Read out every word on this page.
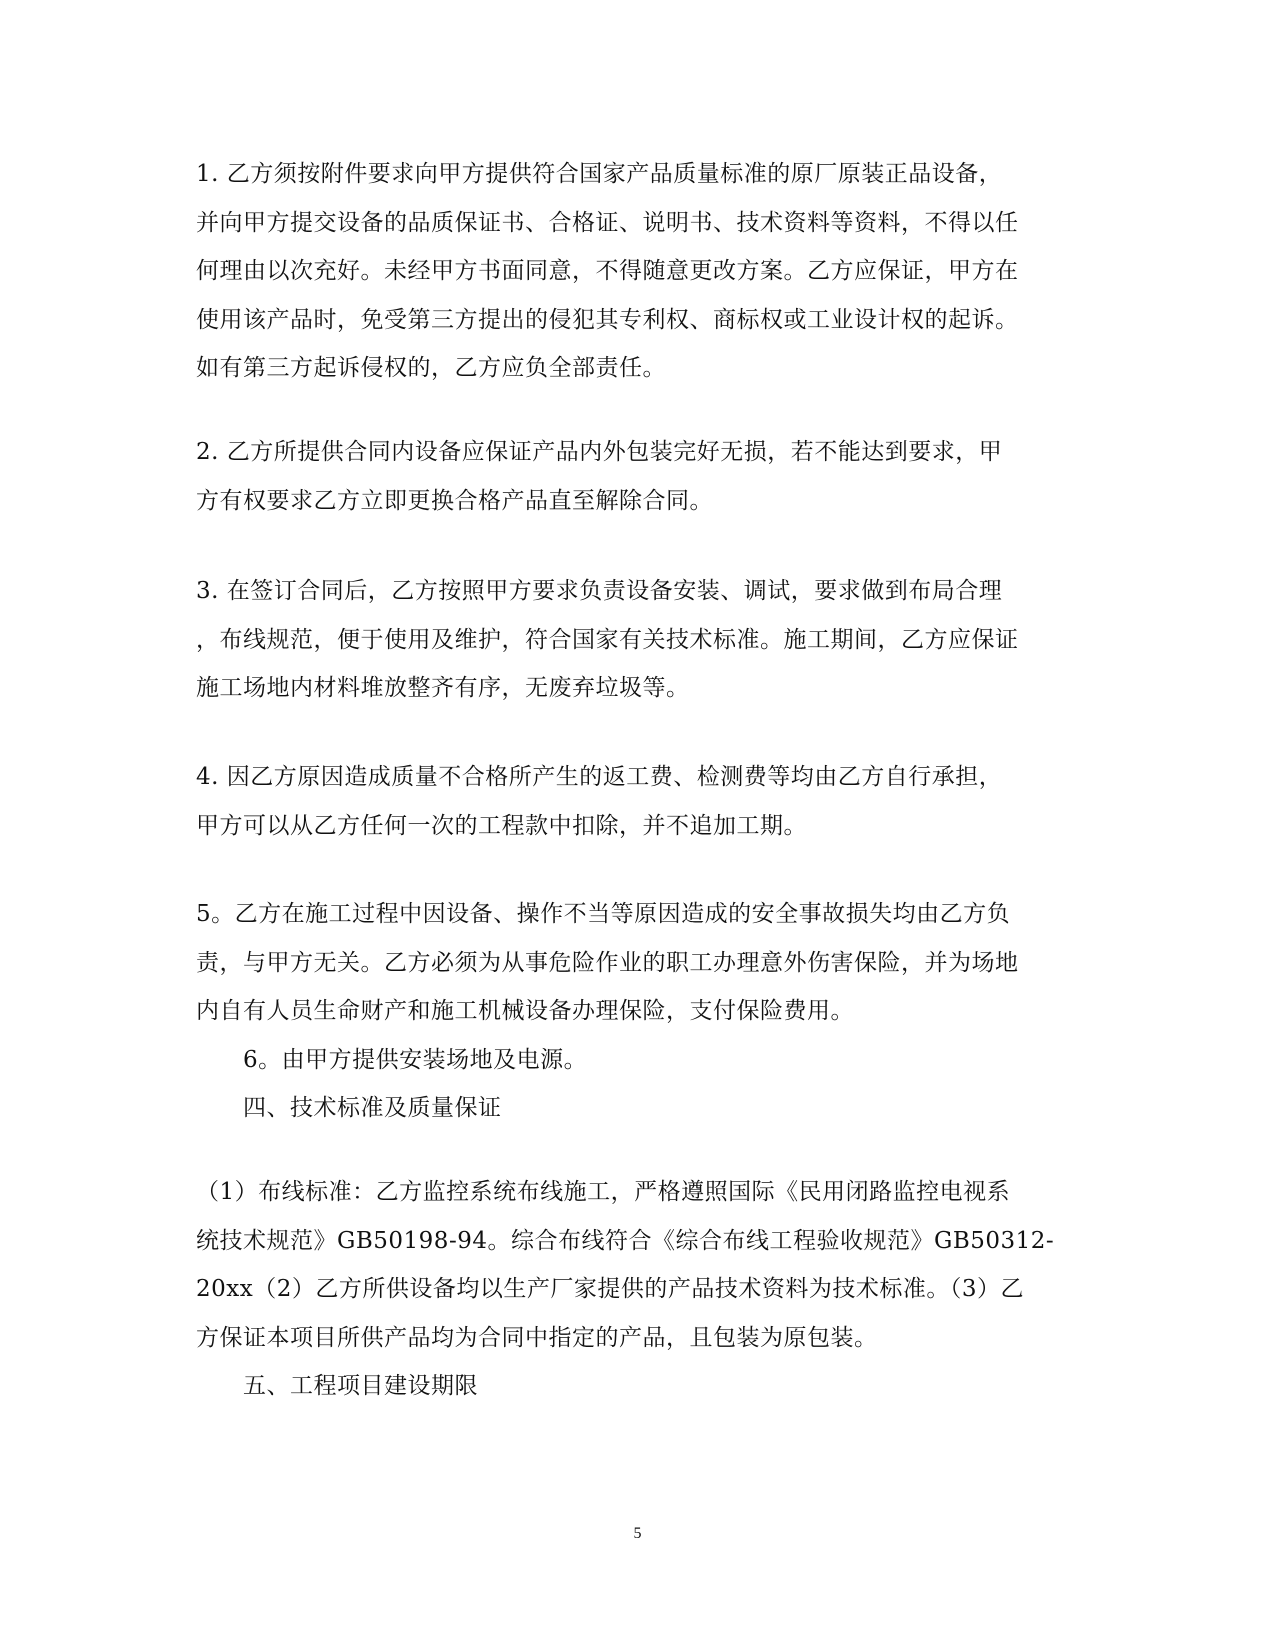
1. 乙方须按附件要求向甲方提供符合国家产品质量标准的原厂原装正品设备，
并向甲方提交设备的品质保证书、合格证、说明书、技术资料等资料，不得以任
何理由以次充好。未经甲方书面同意，不得随意更改方案。乙方应保证，甲方在
使用该产品时，免受第三方提出的侵犯其专利权、商标权或工业设计权的起诉。
如有第三方起诉侵权的，乙方应负全部责任。
2. 乙方所提供合同内设备应保证产品内外包装完好无损，若不能达到要求，甲
方有权要求乙方立即更换合格产品直至解除合同。
3. 在签订合同后，乙方按照甲方要求负责设备安装、调试，要求做到布局合理
，布线规范，便于使用及维护，符合国家有关技术标准。施工期间，乙方应保证
施工场地内材料堆放整齐有序，无废弃垃圾等。
4. 因乙方原因造成质量不合格所产生的返工费、检测费等均由乙方自行承担，
甲方可以从乙方任何一次的工程款中扣除，并不追加工期。
5。乙方在施工过程中因设备、操作不当等原因造成的安全事故损失均由乙方负
责，与甲方无关。乙方必须为从事危险作业的职工办理意外伤害保险，并为场地
内自有人员生命财产和施工机械设备办理保险，支付保险费用。
6。由甲方提供安装场地及电源。
四、技术标准及质量保证
（1）布线标准：乙方监控系统布线施工，严格遵照国际《民用闭路监控电视系
统技术规范》GB50198-94。综合布线符合《综合布线工程验收规范》GB50312-
20xx（2）乙方所供设备均以生产厂家提供的产品技术资料为技术标准。（3）乙
方保证本项目所供产品均为合同中指定的产品，且包装为原包装。
五、工程项目建设期限
5
